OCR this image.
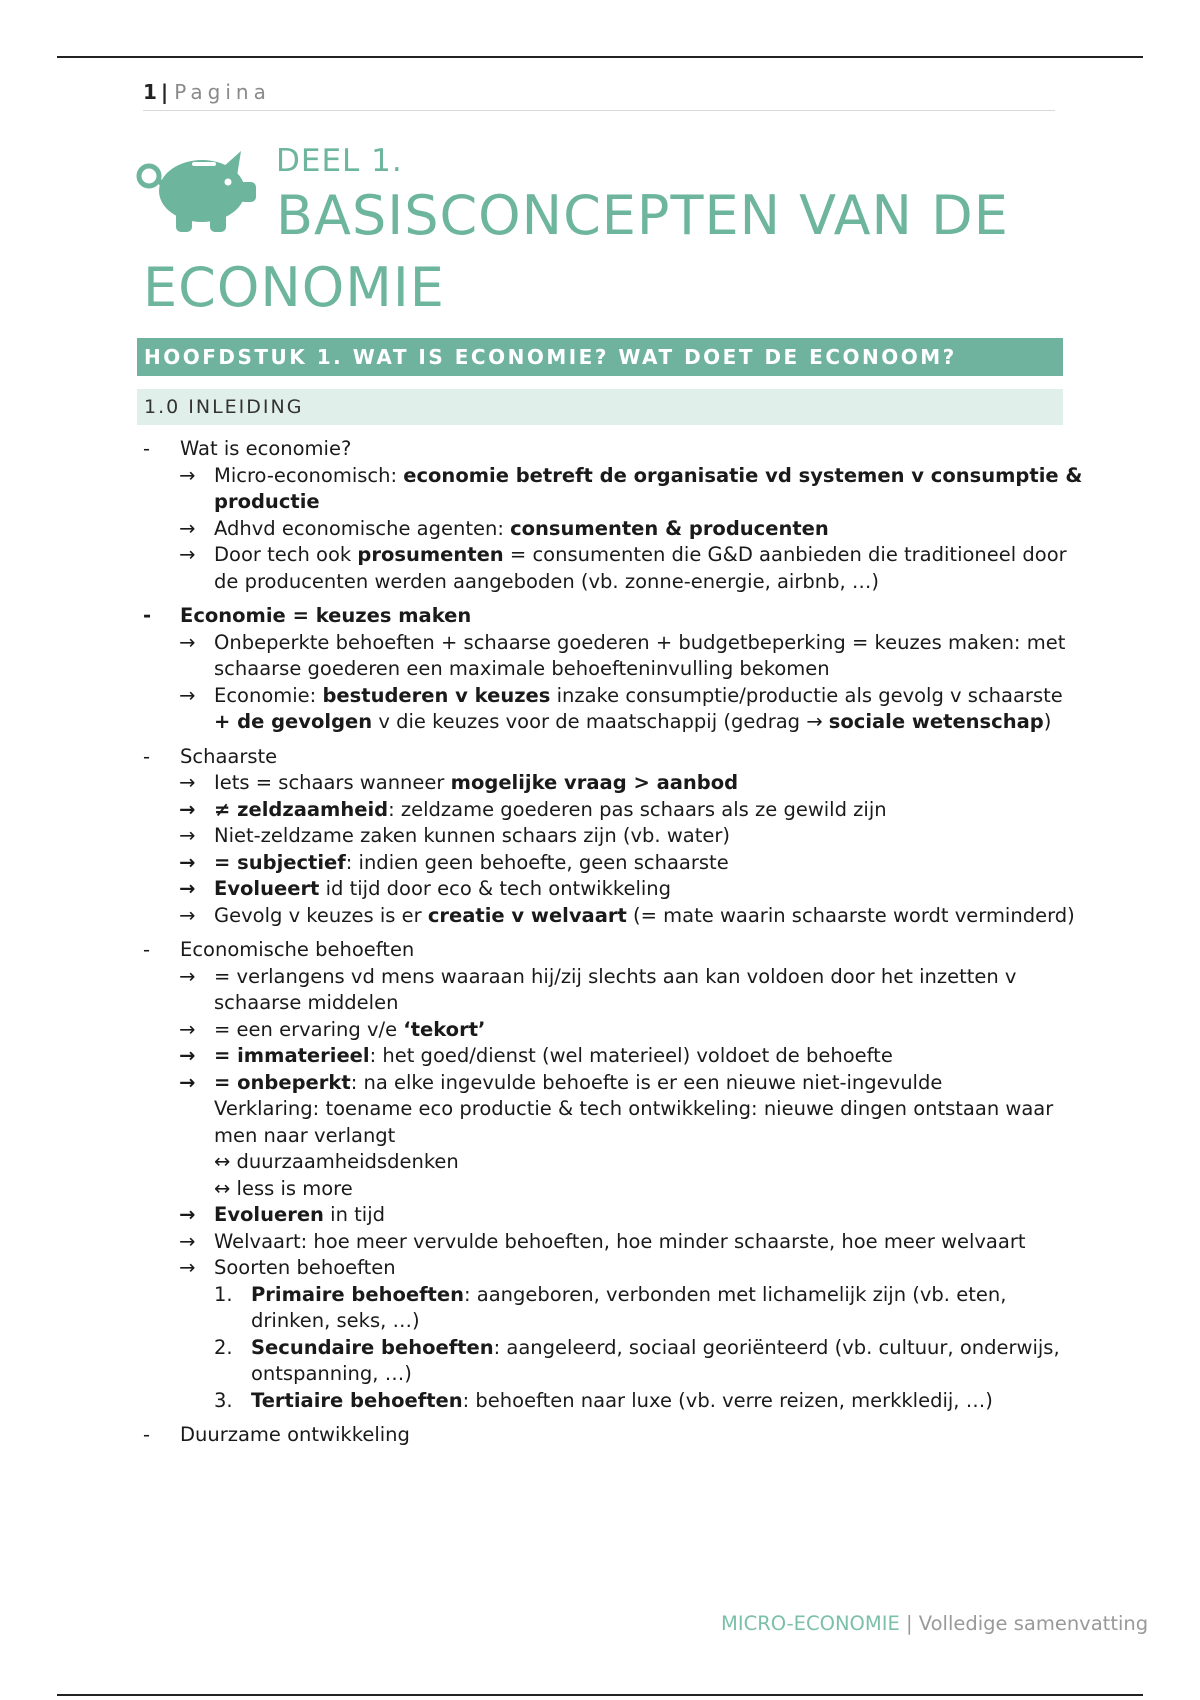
1 | Pagina
DEEL 1.
BASISCONCEPTEN VAN DE ECONOMIE
HOOFDSTUK 1. WAT IS ECONOMIE? WAT DOET DE ECONOOM?
1.0 INLEIDING
- Wat is economie?
→ Micro-economisch: economie betreft de organisatie vd systemen v consumptie & productie
→ Adhvd economische agenten: consumenten & producenten
→ Door tech ook prosumenten = consumenten die G&D aanbieden die traditioneel door de producenten werden aangeboden (vb. zonne-energie, airbnb, …)
- Economie = keuzes maken
→ Onbeperkte behoeften + schaarse goederen + budgetbeperking = keuzes maken: met schaarse goederen een maximale behoefteninvulling bekomen
→ Economie: bestuderen v keuzes inzake consumptie/productie als gevolg v schaarste + de gevolgen v die keuzes voor de maatschappij (gedrag → sociale wetenschap)
- Schaarste
→ Iets = schaars wanneer mogelijke vraag > aanbod
→ ≠ zeldzaamheid: zeldzame goederen pas schaars als ze gewild zijn
→ Niet-zeldzame zaken kunnen schaars zijn (vb. water)
→ = subjectief: indien geen behoefte, geen schaarste
→ Evolueert id tijd door eco & tech ontwikkeling
→ Gevolg v keuzes is er creatie v welvaart (= mate waarin schaarste wordt verminderd)
- Economische behoeften
→ = verlangens vd mens waaraan hij/zij slechts aan kan voldoen door het inzetten v schaarse middelen
→ = een ervaring v/e ‘tekort’
→ = immaterieel: het goed/dienst (wel materieel) voldoet de behoefte
→ = onbeperkt: na elke ingevulde behoefte is er een nieuwe niet-ingevulde
Verklaring: toename eco productie & tech ontwikkeling: nieuwe dingen ontstaan waar men naar verlangt
↔ duurzaamheidsdenken
↔ less is more
→ Evolueren in tijd
→ Welvaart: hoe meer vervulde behoeften, hoe minder schaarste, hoe meer welvaart
→ Soorten behoeften
1. Primaire behoeften: aangeboren, verbonden met lichamelijk zijn (vb. eten, drinken, seks, …)
2. Secundaire behoeften: aangeleerd, sociaal georiënteerd (vb. cultuur, onderwijs, ontspanning, …)
3. Tertiaire behoeften: behoeften naar luxe (vb. verre reizen, merkkledij, …)
- Duurzame ontwikkeling
MICRO-ECONOMIE | Volledige samenvatting
